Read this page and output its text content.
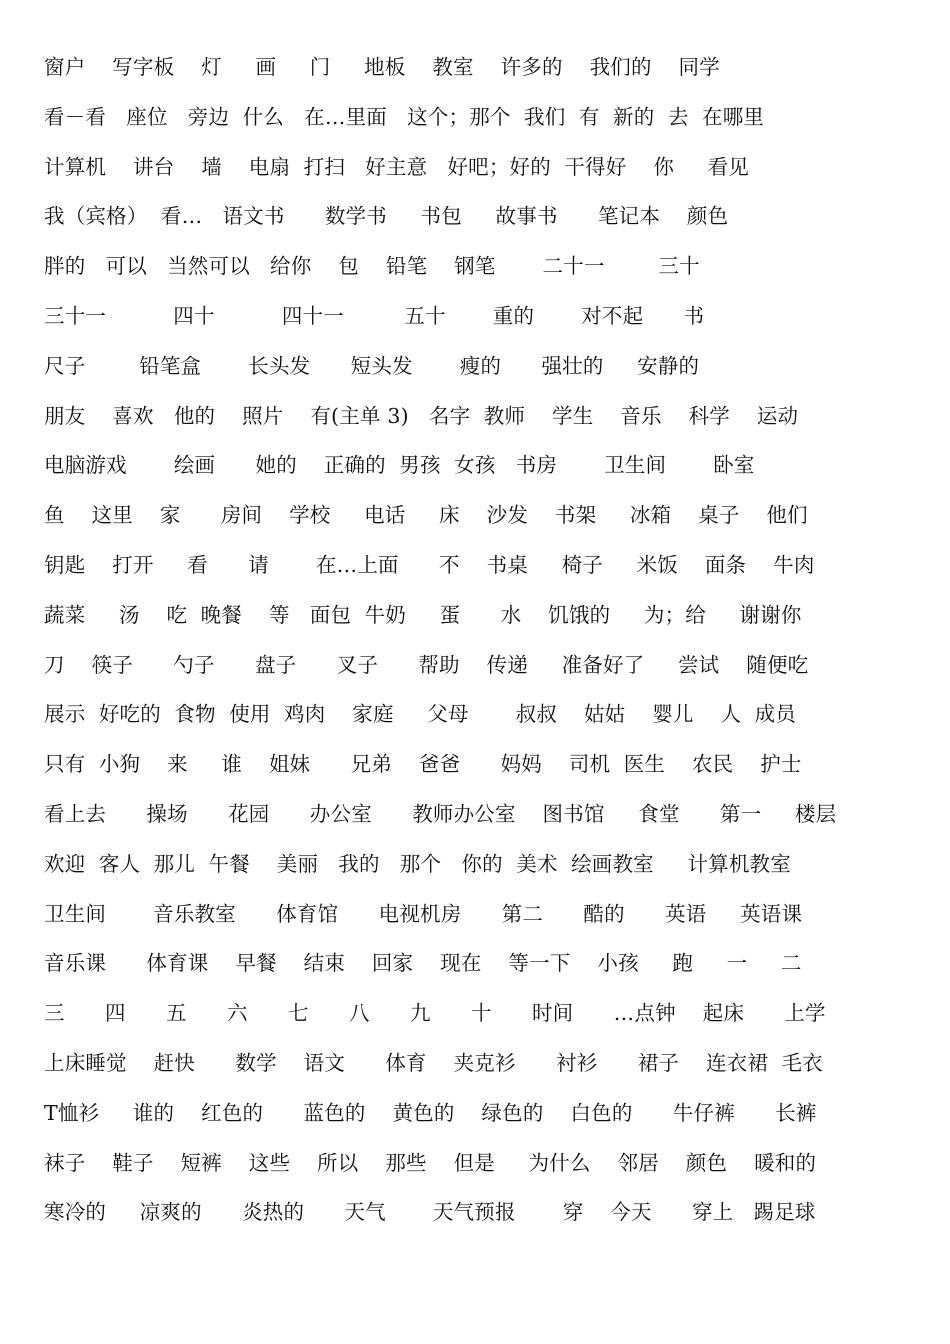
窗户    写字板    灯     画     门     地板    教室    许多的    我们的    同学
看－看   座位   旁边  什么   在…里面   这个；那个  我们  有  新的  去  在哪里
计算机    讲台    墙    电扇  打扫   好主意   好吧；好的  干得好    你     看见
我（宾格）  看…   语文书      数学书     书包     故事书      笔记本    颜色
胖的   可以   当然可以   给你    包    铅笔    钢笔       二十一        三十
三十一          四十          四十一         五十       重的       对不起      书
尺子        铅笔盒       长头发      短头发       瘦的      强壮的     安静的
朋友    喜欢   他的    照片    有(主单 3)   名字  教师    学生    音乐    科学    运动
电脑游戏       绘画      她的    正确的  男孩  女孩   书房       卫生间       卧室
鱼    这里    家      房间    学校     电话     床    沙发    书架     冰箱    桌子    他们
钥匙    打开     看      请       在…上面      不    书桌     椅子     米饭    面条    牛肉
蔬菜     汤    吃  晚餐    等   面包  牛奶     蛋      水    饥饿的     为；给     谢谢你
刀    筷子      勺子      盘子      叉子      帮助    传递     准备好了     尝试    随便吃
展示  好吃的  食物  使用  鸡肉    家庭     父母       叔叔    姑姑    婴儿    人  成员
只有  小狗    来     谁    姐妹      兄弟    爸爸      妈妈    司机  医生    农民    护士
看上去      操场      花园      办公室      教师办公室    图书馆     食堂      第一     楼层
欢迎  客人  那儿  午餐    美丽   我的   那个   你的  美术  绘画教室     计算机教室
卫生间       音乐教室      体育馆      电视机房      第二      酷的      英语     英语课
音乐课      体育课    早餐    结束    回家    现在    等一下    小孩     跑     一     二
三      四      五      六      七      八      九      十      时间      …点钟    起床      上学
上床睡觉    赶快      数学    语文      体育    夹克衫      衬衫      裙子    连衣裙  毛衣
T恤衫     谁的    红色的      蓝色的    黄色的    绿色的    白色的      牛仔裤      长裤
袜子    鞋子    短裤    这些    所以    那些    但是     为什么    邻居    颜色    暖和的
寒冷的     凉爽的      炎热的      天气       天气预报       穿    今天      穿上   踢足球
